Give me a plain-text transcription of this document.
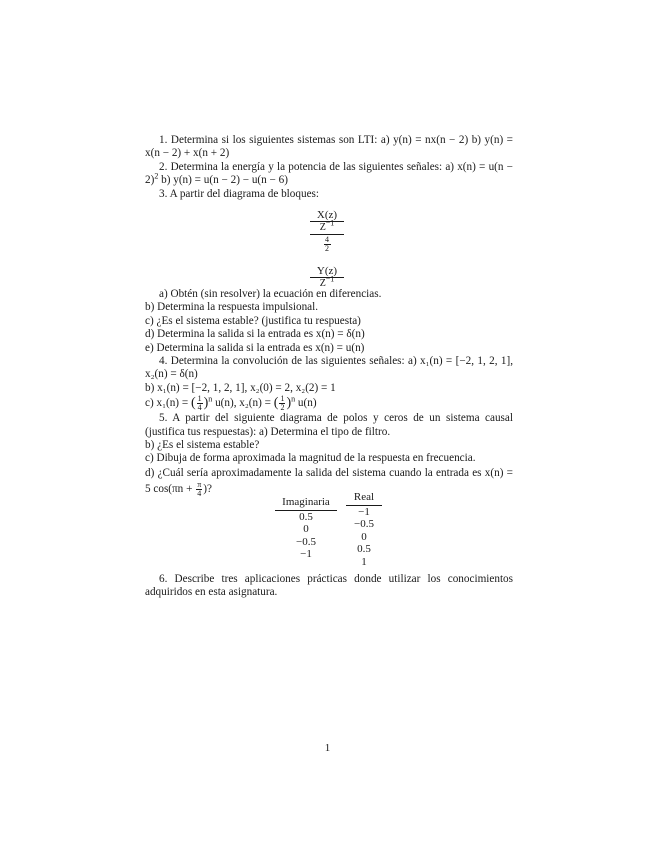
1. Determina si los siguientes sistemas son LTI: a) y(n) = nx(n − 2) b) y(n) = x(n − 2) + x(n + 2)

2. Determina la energía y la potencia de las siguientes señales: a) $x(n) = u(n - 2)^2$ b) y(n) = u(n − 2) − u(n − 6)

3. A partir del diagrama de bloques:

X(z)
$Z^{-1}$
4
2
Y(z)
$Z^{-1}$

a) Obtén (sin resolver) la ecuación en diferencias.

b) Determina la respuesta impulsional.

c) ¿Es el sistema estable? (justifica tu respuesta)

d) Determina la salida si la entrada es x(n) = δ(n)

e) Determina la salida si la entrada es x(n) = u(n)

4. Determina la convolución de las siguientes señales: a) x₁(n) = [−2, 1, 2, 1], x₂(n) = δ(n)

b) x₁(n) = [−2, 1, 2, 1], x₂(0) = 2, x₂(2) = 1

c) x₁(n) = ( $\frac{1}{4} )^n$ u(n), x₂(n) = ( $\frac{1}{2} )^n$ u(n)

5. A partir del siguiente diagrama de polos y ceros de un sistema causal (justifica tus respuestas): a) Determina el tipo de filtro.

b) ¿Es el sistema estable?

c) Dibuja de forma aproximada la magnitud de la respuesta en frecuencia.

d) ¿Cuál sería aproximadamente la salida del sistema cuando la entrada es x(n) = 5 $\cos(\pi n + \frac{\pi}{4}$ )?

Imaginaria
0.5
0
−0.5
−1
Real
−1
−0.5
0
0.5
1

6. Describe tres aplicaciones prácticas donde utilizar los conocimientos adquiridos en esta asignatura.

1
